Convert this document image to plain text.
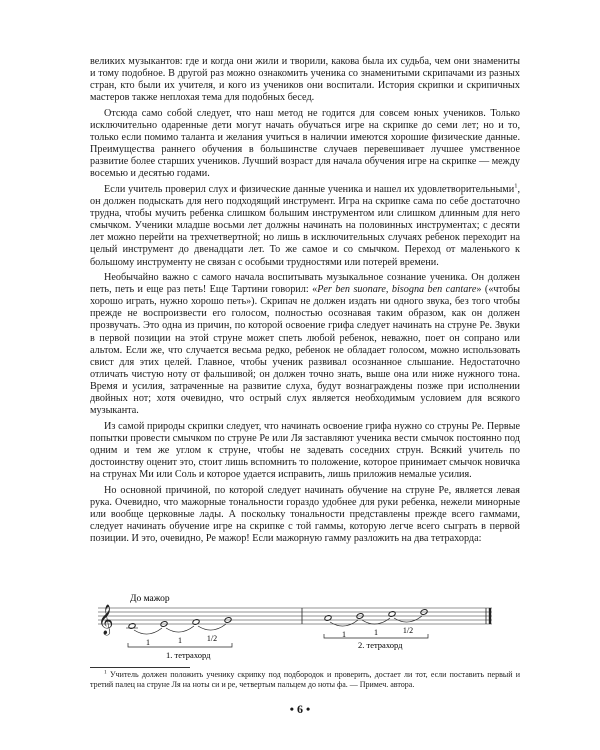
великих музыкантов: где и когда они жили и творили, какова была их судьба, чем они знамениты и тому подобное. В другой раз можно ознакомить ученика со знаменитыми скрипачами из разных стран, кто были их учителя, и кого из учеников они воспитали. История скрипки и скрипичных мастеров также неплохая тема для подобных бесед.

Отсюда само собой следует, что наш метод не годится для совсем юных учеников. Только исключительно одаренные дети могут начать обучаться игре на скрипке до семи лет; но и то, только если помимо таланта и желания учиться в наличии имеются хорошие физические данные. Преимущества раннего обучения в большинстве случаев перевешивает лучшее умственное развитие более старших учеников. Лучший возраст для начала обучения игре на скрипке — между восемью и десятью годами.

Если учитель проверил слух и физические данные ученика и нашел их удовлетворительными$^1$, он должен подыскать для него подходящий инструмент. Игра на скрипке сама по себе достаточно трудна, чтобы мучить ребенка слишком большим инструментом или слишком длинным для него смычком. Ученики младше восьми лет должны начинать на половинных инструментах; с десяти лет можно перейти на трехчетвертной; но лишь в исключительных случаях ребенок переходит на целый инструмент до двенадцати лет. То же самое и со смычком. Переход от маленького к большому инструменту не связан с особыми трудностями или потерей времени.

Необычайно важно с самого начала воспитывать музыкальное сознание ученика. Он должен петь, петь и еще раз петь! Еще Тартини говорил: «Per ben suonare, bisogna ben cantare» («чтобы хорошо играть, нужно хорошо петь»). Скрипач не должен издать ни одного звука, без того чтобы прежде не воспроизвести его голосом, полностью осознавая таким образом, как он должен прозвучать. Это одна из причин, по которой освоение грифа следует начинать на струне Ре. Звуки в первой позиции на этой струне может спеть любой ребенок, неважно, поет он сопрано или альтом. Если же, что случается весьма редко, ребенок не обладает голосом, можно использовать свист для этих целей. Главное, чтобы ученик развивал осознанное слышание. Недостаточно отличать чистую ноту от фальшивой; он должен точно знать, выше она или ниже нужного тона. Время и усилия, затраченные на развитие слуха, будут вознаграждены позже при исполнении двойных нот; хотя очевидно, что острый слух является необходимым условием для всякого музыканта.

Из самой природы скрипки следует, что начинать освоение грифа нужно со струны Ре. Первые попытки провести смычком по струне Ре или Ля заставляют ученика вести смычок постоянно под одним и тем же углом к струне, чтобы не задевать соседних струн. Всякий учитель по достоинству оценит это, стоит лишь вспомнить то положение, которое принимает смычок новичка на струнах Ми или Соль и которое удается исправить, лишь приложив немалые усилия.

Но основной причиной, по которой следует начинать обучение на струне Ре, является левая рука. Очевидно, что мажорные тональности гораздо удобнее для руки ребенка, нежели минорные или вообще церковные лады. А поскольку тональности представлены прежде всего гаммами, следует начинать обучение игре на скрипке с той гаммы, которую легче всего сыграть в первой позиции. И это, очевидно, Ре мажор! Если мажорную гамму разложить на два тетрахорда:

До мажор
𝄞
1	1	1/2	1	1	1/2
1. тетрахорд
2. тетрахорд
$^1$ Учитель должен положить ученику скрипку под подбородок и проверить, достает ли тот, если поставить первый и третий палец на струне Ля на ноты си и ре, четвертым пальцем до ноты фа. — Примеч. автора.
• 6 •
